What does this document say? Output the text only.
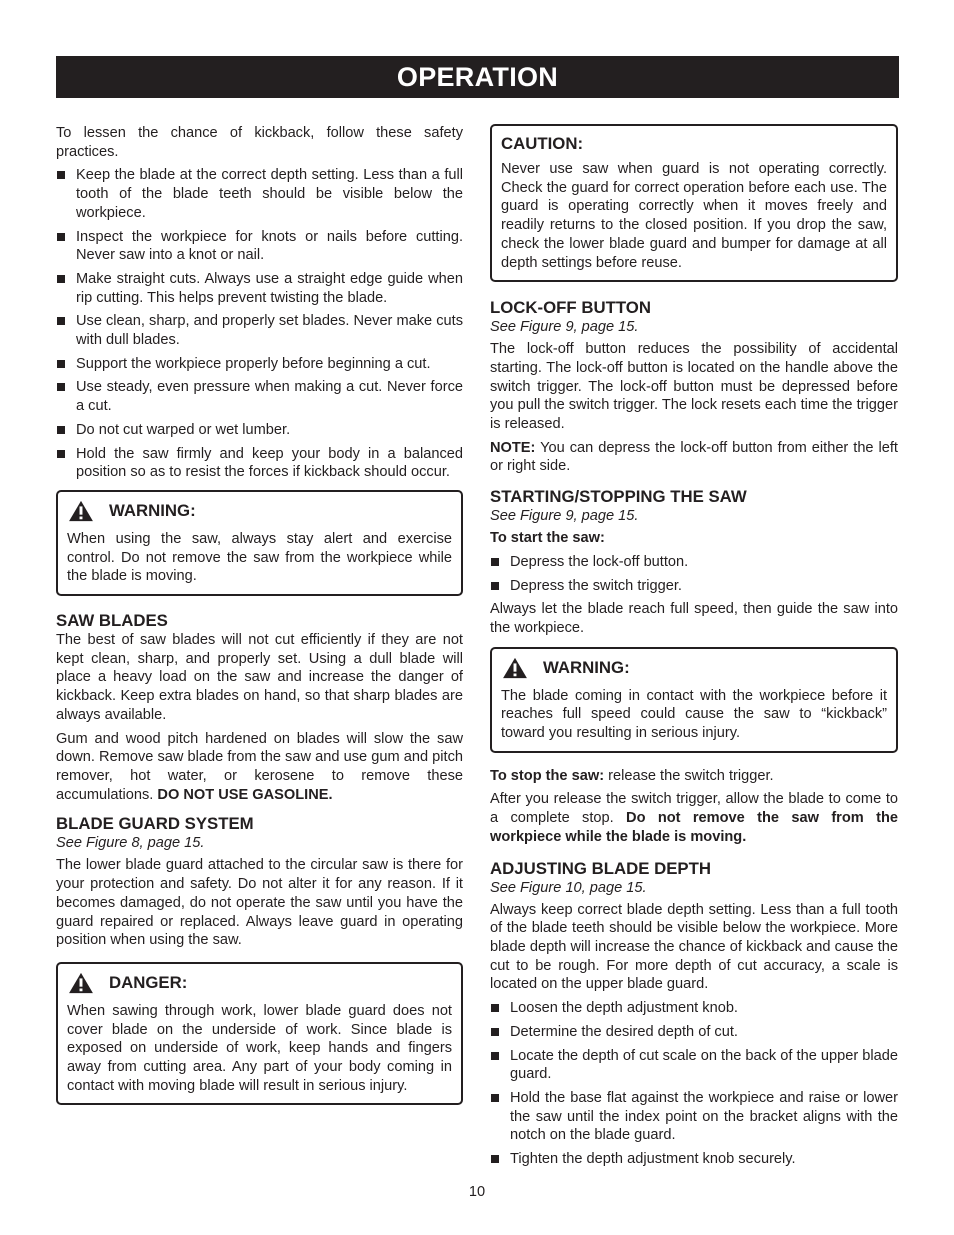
OPERATION

To lessen the chance of kickback, follow these safety practices.

Keep the blade at the correct depth setting. Less than a full tooth of the blade teeth should be visible below the workpiece.
Inspect the workpiece for knots or nails before cutting. Never saw into a knot or nail.
Make straight cuts. Always use a straight edge guide when rip cutting. This helps prevent twisting the blade.
Use clean, sharp, and properly set blades. Never make cuts with dull blades.
Support the workpiece properly before beginning a cut.
Use steady, even pressure when making a cut. Never force a cut.
Do not cut warped or wet lumber.
Hold the saw firmly and keep your body in a balanced position so as to resist the forces if kickback should occur.
WARNING:

When using the saw, always stay alert and exercise control. Do not remove the saw from the workpiece while the blade is moving.

SAW BLADES

The best of saw blades will not cut efficiently if they are not kept clean, sharp, and properly set. Using a dull blade will place a heavy load on the saw and increase the danger of kickback. Keep extra blades on hand, so that sharp blades are always available.

Gum and wood pitch hardened on blades will slow the saw down. Remove saw blade from the saw and use gum and pitch remover, hot water, or kerosene to remove these accumulations. DO NOT USE GASOLINE.

BLADE GUARD SYSTEM

See Figure 8, page 15.

The lower blade guard attached to the circular saw is there for your protection and safety. Do not alter it for any reason. If it becomes damaged, do not operate the saw until you have the guard repaired or replaced. Always leave guard in operating position when using the saw.

DANGER:

When sawing through work, lower blade guard does not cover blade on the underside of work. Since blade is exposed on underside of work, keep hands and fingers away from cutting area. Any part of your body coming in contact with moving blade will result in serious injury.

CAUTION:

Never use saw when guard is not operating correctly. Check the guard for correct operation before each use. The guard is operating correctly when it moves freely and readily returns to the closed position. If you drop the saw, check the lower blade guard and bumper for damage at all depth settings before reuse.

LOCK-OFF BUTTON

See Figure 9, page 15.

The lock-off button reduces the possibility of accidental starting. The lock-off button is located on the handle above the switch trigger. The lock-off button must be depressed before you pull the switch trigger. The lock resets each time the trigger is released.

NOTE: You can depress the lock-off button from either the left or right side.

STARTING/STOPPING THE SAW

See Figure 9, page 15.

To start the saw:

Depress the lock-off button.
Depress the switch trigger.

Always let the blade reach full speed, then guide the saw into the workpiece.

WARNING:

The blade coming in contact with the workpiece before it reaches full speed could cause the saw to “kickback” toward you resulting in serious injury.

To stop the saw: release the switch trigger.

After you release the switch trigger, allow the blade to come to a complete stop. Do not remove the saw from the workpiece while the blade is moving.

ADJUSTING BLADE DEPTH

See Figure 10, page 15.

Always keep correct blade depth setting. Less than a full tooth of the blade teeth should be visible below the workpiece. More blade depth will increase the chance of kickback and cause the cut to be rough. For more depth of cut accuracy, a scale is located on the upper blade guard.

Loosen the depth adjustment knob.
Determine the desired depth of cut.
Locate the depth of cut scale on the back of the upper blade guard.
Hold the base flat against the workpiece and raise or lower the saw until the index point on the bracket aligns with the notch on the blade guard.
Tighten the depth adjustment knob securely.
10
